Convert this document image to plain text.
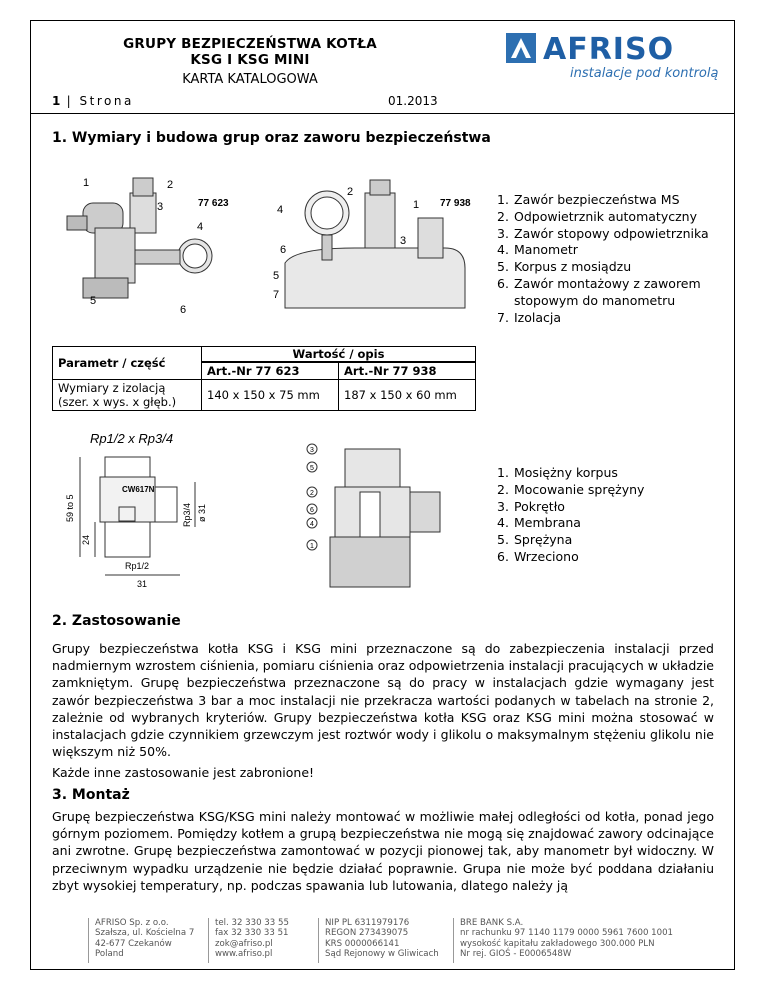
GRUPY BEZPIECZEŃSTWA KOTŁA
KSG I KSG MINI
KARTA KATALOGOWA
1 | Strona	01.2013
AFRISO
instalacje pod kontrolą
1. Wymiary i budowa grup oraz zaworu bezpieczeństwa
1	2
3
4
5
6
77 623
2
4	1
6
3
5
7
77 938 1. Zawór bezpieczeństwa MS
2. Odpowietrznik automatyczny
3. Zawór stopowy odpowietrznika
4. Manometr
5. Korpus z mosiądzu
6. Zawór montażowy z zaworem stopowym do manometru
7. Izolacja
Parametr / część	Wartość / opis	

	Art.-Nr 77 623	Art.-Nr 77 938

Wymiary z izolacją
(szer. x wys. x głęb.)	140 x 150 x 75 mm	187 x 150 x 60 mm
Rp1/2 x Rp3/4
CW617N
59 to 5
24
Rp3/4 ø 31
Rp1/2
31
3
5
2
6
4
1
1. Mosiężny korpus
2. Mocowanie sprężyny
3. Pokrętło
4. Membrana
5. Sprężyna
6. Wrzeciono
2. Zastosowanie
Grupy bezpieczeństwa kotła KSG i KSG mini przeznaczone są do zabezpieczenia instalacji przed nadmiernym wzrostem ciśnienia, pomiaru ciśnienia oraz odpowietrzenia instalacji pracujących w układzie zamkniętym. Grupę bezpieczeństwa przeznaczone są do pracy w instalacjach gdzie wymagany jest zawór bezpieczeństwa 3 bar a moc instalacji nie przekracza wartości podanych w tabelach na stronie 2, zależnie od wybranych kryteriów. Grupy bezpieczeństwa kotła KSG oraz KSG mini można stosować w instalacjach gdzie czynnikiem grzewczym jest roztwór wody i glikolu o maksymalnym stężeniu glikolu nie większym niż 50%.
Każde inne zastosowanie jest zabronione!
3. Montaż
Grupę bezpieczeństwa KSG/KSG mini należy montować w możliwie małej odległości od kotła, ponad jego górnym poziomem. Pomiędzy kotłem a grupą bezpieczeństwa nie mogą się znajdować zawory odcinające ani zwrotne. Grupę bezpieczeństwa zamontować w pozycji pionowej tak, aby manometr był widoczny. W przeciwnym wypadku urządzenie nie będzie działać poprawnie. Grupa nie może być poddana działaniu zbyt wysokiej temperatury, np. podczas spawania lub lutowania, dlatego należy ją
AFRISO Sp. z o.o.
Szałsza, ul. Kościelna 7
42-677 Czekanów
Poland
tel. 32 330 33 55
fax 32 330 33 51
zok@afriso.pl
www.afriso.pl
NIP PL 6311979176
REGON 273439075
KRS 0000066141
Sąd Rejonowy w Gliwicach
BRE BANK S.A.
nr rachunku 97 1140 1179 0000 5961 7600 1001
wysokość kapitału zakładowego 300.000 PLN
Nr rej. GIOŚ - E0006548W
